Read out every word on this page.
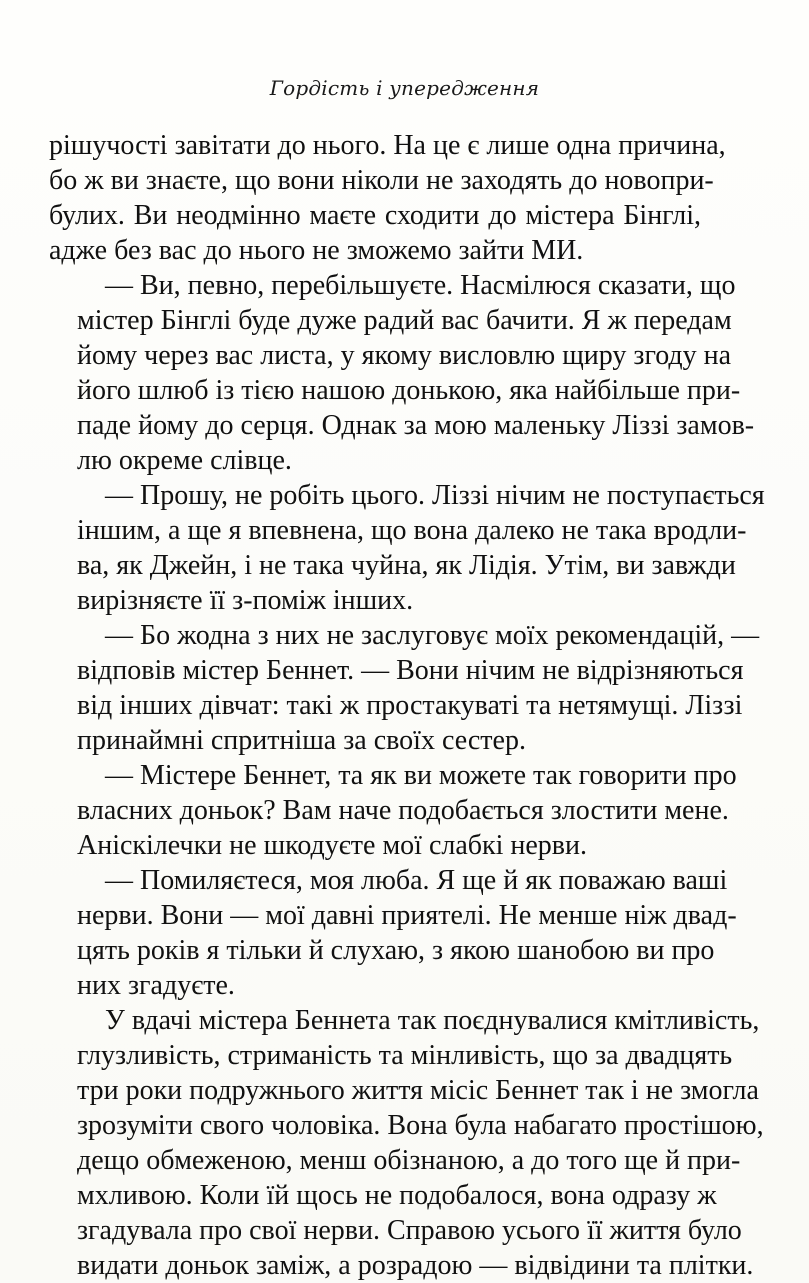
Гордість і упередження

рішучості завітати до нього. На це є лише одна причина,
бо ж ви знаєте, що вони ніколи не заходять до новопри-
булих. Ви неодмінно маєте сходити до містера Бінглі,
адже без вас до нього не зможемо зайти МИ.

— Ви, певно, перебільшуєте. Насмілюся сказати, що
містер Бінглі буде дуже радий вас бачити. Я ж передам
йому через вас листа, у якому висловлю щиру згоду на
його шлюб із тією нашою донькою, яка найбільше при-
паде йому до серця. Однак за мою маленьку Ліззі замов-
лю окреме слівце.

— Прошу, не робіть цього. Ліззі нічим не поступається
іншим, а ще я впевнена, що вона далеко не така вродли-
ва, як Джейн, і не така чуйна, як Лідія. Утім, ви завжди
вирізняєте її з-поміж інших.

— Бо жодна з них не заслуговує моїх рекомендацій, —
відповів містер Беннет. — Вони нічим не відрізняються
від інших дівчат: такі ж простакуваті та нетямущі. Ліззі
принаймні спритніша за своїх сестер.

— Містере Беннет, та як ви можете так говорити про
власних доньок? Вам наче подобається злостити мене.
Аніскілечки не шкодуєте мої слабкі нерви.

— Помиляєтеся, моя люба. Я ще й як поважаю ваші
нерви. Вони — мої давні приятелі. Не менше ніж двад-
цять років я тільки й слухаю, з якою шанобою ви про
них згадуєте.

У вдачі містера Беннета так поєднувалися кмітливість,
глузливість, стриманість та мінливість, що за двадцять
три роки подружнього життя місіс Беннет так і не змогла
зрозуміти свого чоловіка. Вона була набагато простішою,
дещо обмеженою, менш обізнаною, а до того ще й при-
мхливою. Коли їй щось не подобалося, вона одразу ж
згадувала про свої нерви. Справою усього її життя було
видати доньок заміж, а розрадою — відвідини та плітки.
